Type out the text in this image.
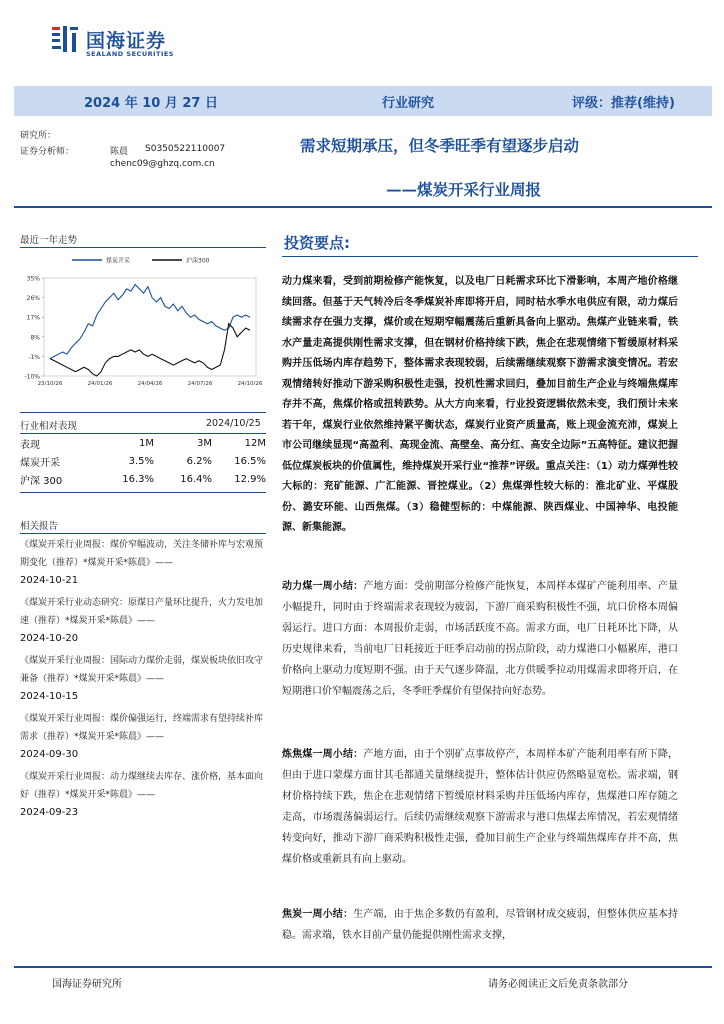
国海证券
SEALAND SECURITIES
2024 年 10 月 27 日	行业研究	评级：推荐(维持)
研究所：
证券分析师：	陈晨 S0350522110007
chenc09@ghzq.com.cn
需求短期承压，但冬季旺季有望逐步启动
——煤炭开采行业周报
最近一年走势
35%
26%
17%
8%
-1%
-10%
23/10/26	24/01/26	24/04/26	24/07/26	24/10/26
煤炭开采	沪深300
行业相对表现	2024/10/25
表现	1M	3M	12M
煤炭开采	3.5%	6.2%	16.5%
沪深 300	16.3%	16.4%	12.9%
相关报告
《煤炭开采行业周报：煤价窄幅波动，关注冬储补库与宏观预期变化（推荐）*煤炭开采*陈晨》——
2024-10-21
《煤炭开采行业动态研究：原煤日产量环比提升，火力发电加速（推荐）*煤炭开采*陈晨》——
2024-10-20
《煤炭开采行业周报：国际动力煤价走弱，煤炭板块依旧攻守兼备（推荐）*煤炭开采*陈晨》——
2024-10-15
《煤炭开采行业周报：煤价偏强运行，终端需求有望持续补库需求（推荐）*煤炭开采*陈晨》——
2024-09-30
《煤炭开采行业周报：动力煤继续去库存、涨价格，基本面向好（推荐）*煤炭开采*陈晨》——
2024-09-23
投资要点:
动力煤来看，受到前期检修产能恢复，以及电厂日耗需求环比下滑影响，本周产地价格继续回落。但基于天气转冷后冬季煤炭补库即将开启，同时枯水季水电供应有限，动力煤后续需求存在强力支撑，煤价或在短期窄幅震荡后重新具备向上驱动。焦煤产业链来看，铁水产量走高提供刚性需求支撑，但在钢材价格持续下跌，焦企在悲观情绪下暂缓原材料采购并压低场内库存趋势下，整体需求表现较弱，后续需继续观察下游需求演变情况。若宏观情绪转好推动下游采购积极性走强，投机性需求回归，叠加目前生产企业与终端焦煤库存并不高，焦煤价格或扭转跌势。从大方向来看，行业投资逻辑依然未变，我们预计未来若干年，煤炭行业依然维持紧平衡状态，煤炭行业资产质量高，账上现金流充沛，煤炭上市公司继续显现“高盈利、高现金流、高壁垒、高分红、高安全边际”五高特征。建议把握低位煤炭板块的价值属性，维持煤炭开采行业“推荐”评级。重点关注：（1）动力煤弹性较大标的：兖矿能源、广汇能源、晋控煤业。（2）焦煤弹性较大标的：淮北矿业、平煤股份、潞安环能、山西焦煤。（3）稳健型标的：中煤能源、陕西煤业、中国神华、电投能源、新集能源。
动力煤一周小结：产地方面：受前期部分检修产能恢复，本周样本煤矿产能利用率、产量小幅提升，同时由于终端需求表现较为疲弱，下游厂商采购积极性不强，坑口价格本周偏弱运行。进口方面：本周报价走弱，市场活跃度不高。需求方面，电厂日耗环比下降，从历史规律来看，当前电厂日耗接近于旺季启动前的拐点阶段，动力煤港口小幅累库，港口价格向上驱动力度短期不强。由于天气逐步降温，北方供暖季拉动用煤需求即将开启，在短期港口价窄幅震荡之后，冬季旺季煤价有望保持向好态势。
炼焦煤一周小结：产地方面，由于个别矿点事故停产，本周样本矿产能利用率有所下降，但由于进口蒙煤方面甘其毛都通关量继续提升，整体估计供应仍然略显宽松。需求端，钢材价格持续下跌，焦企在悲观情绪下暂缓原材料采购并压低场内库存，焦煤港口库存随之走高，市场震荡偏弱运行。后续仍需继续观察下游需求与港口焦煤去库情况，若宏观情绪转变向好，推动下游厂商采购积极性走强，叠加目前生产企业与终端焦煤库存并不高，焦煤价格或重新具有向上驱动。
焦炭一周小结：生产端，由于焦企多数仍有盈利，尽管钢材成交疲弱，但整体供应基本持稳。需求端，铁水目前产量仍能提供刚性需求支撑，
国海证券研究所	请务必阅读正文后免责条款部分
